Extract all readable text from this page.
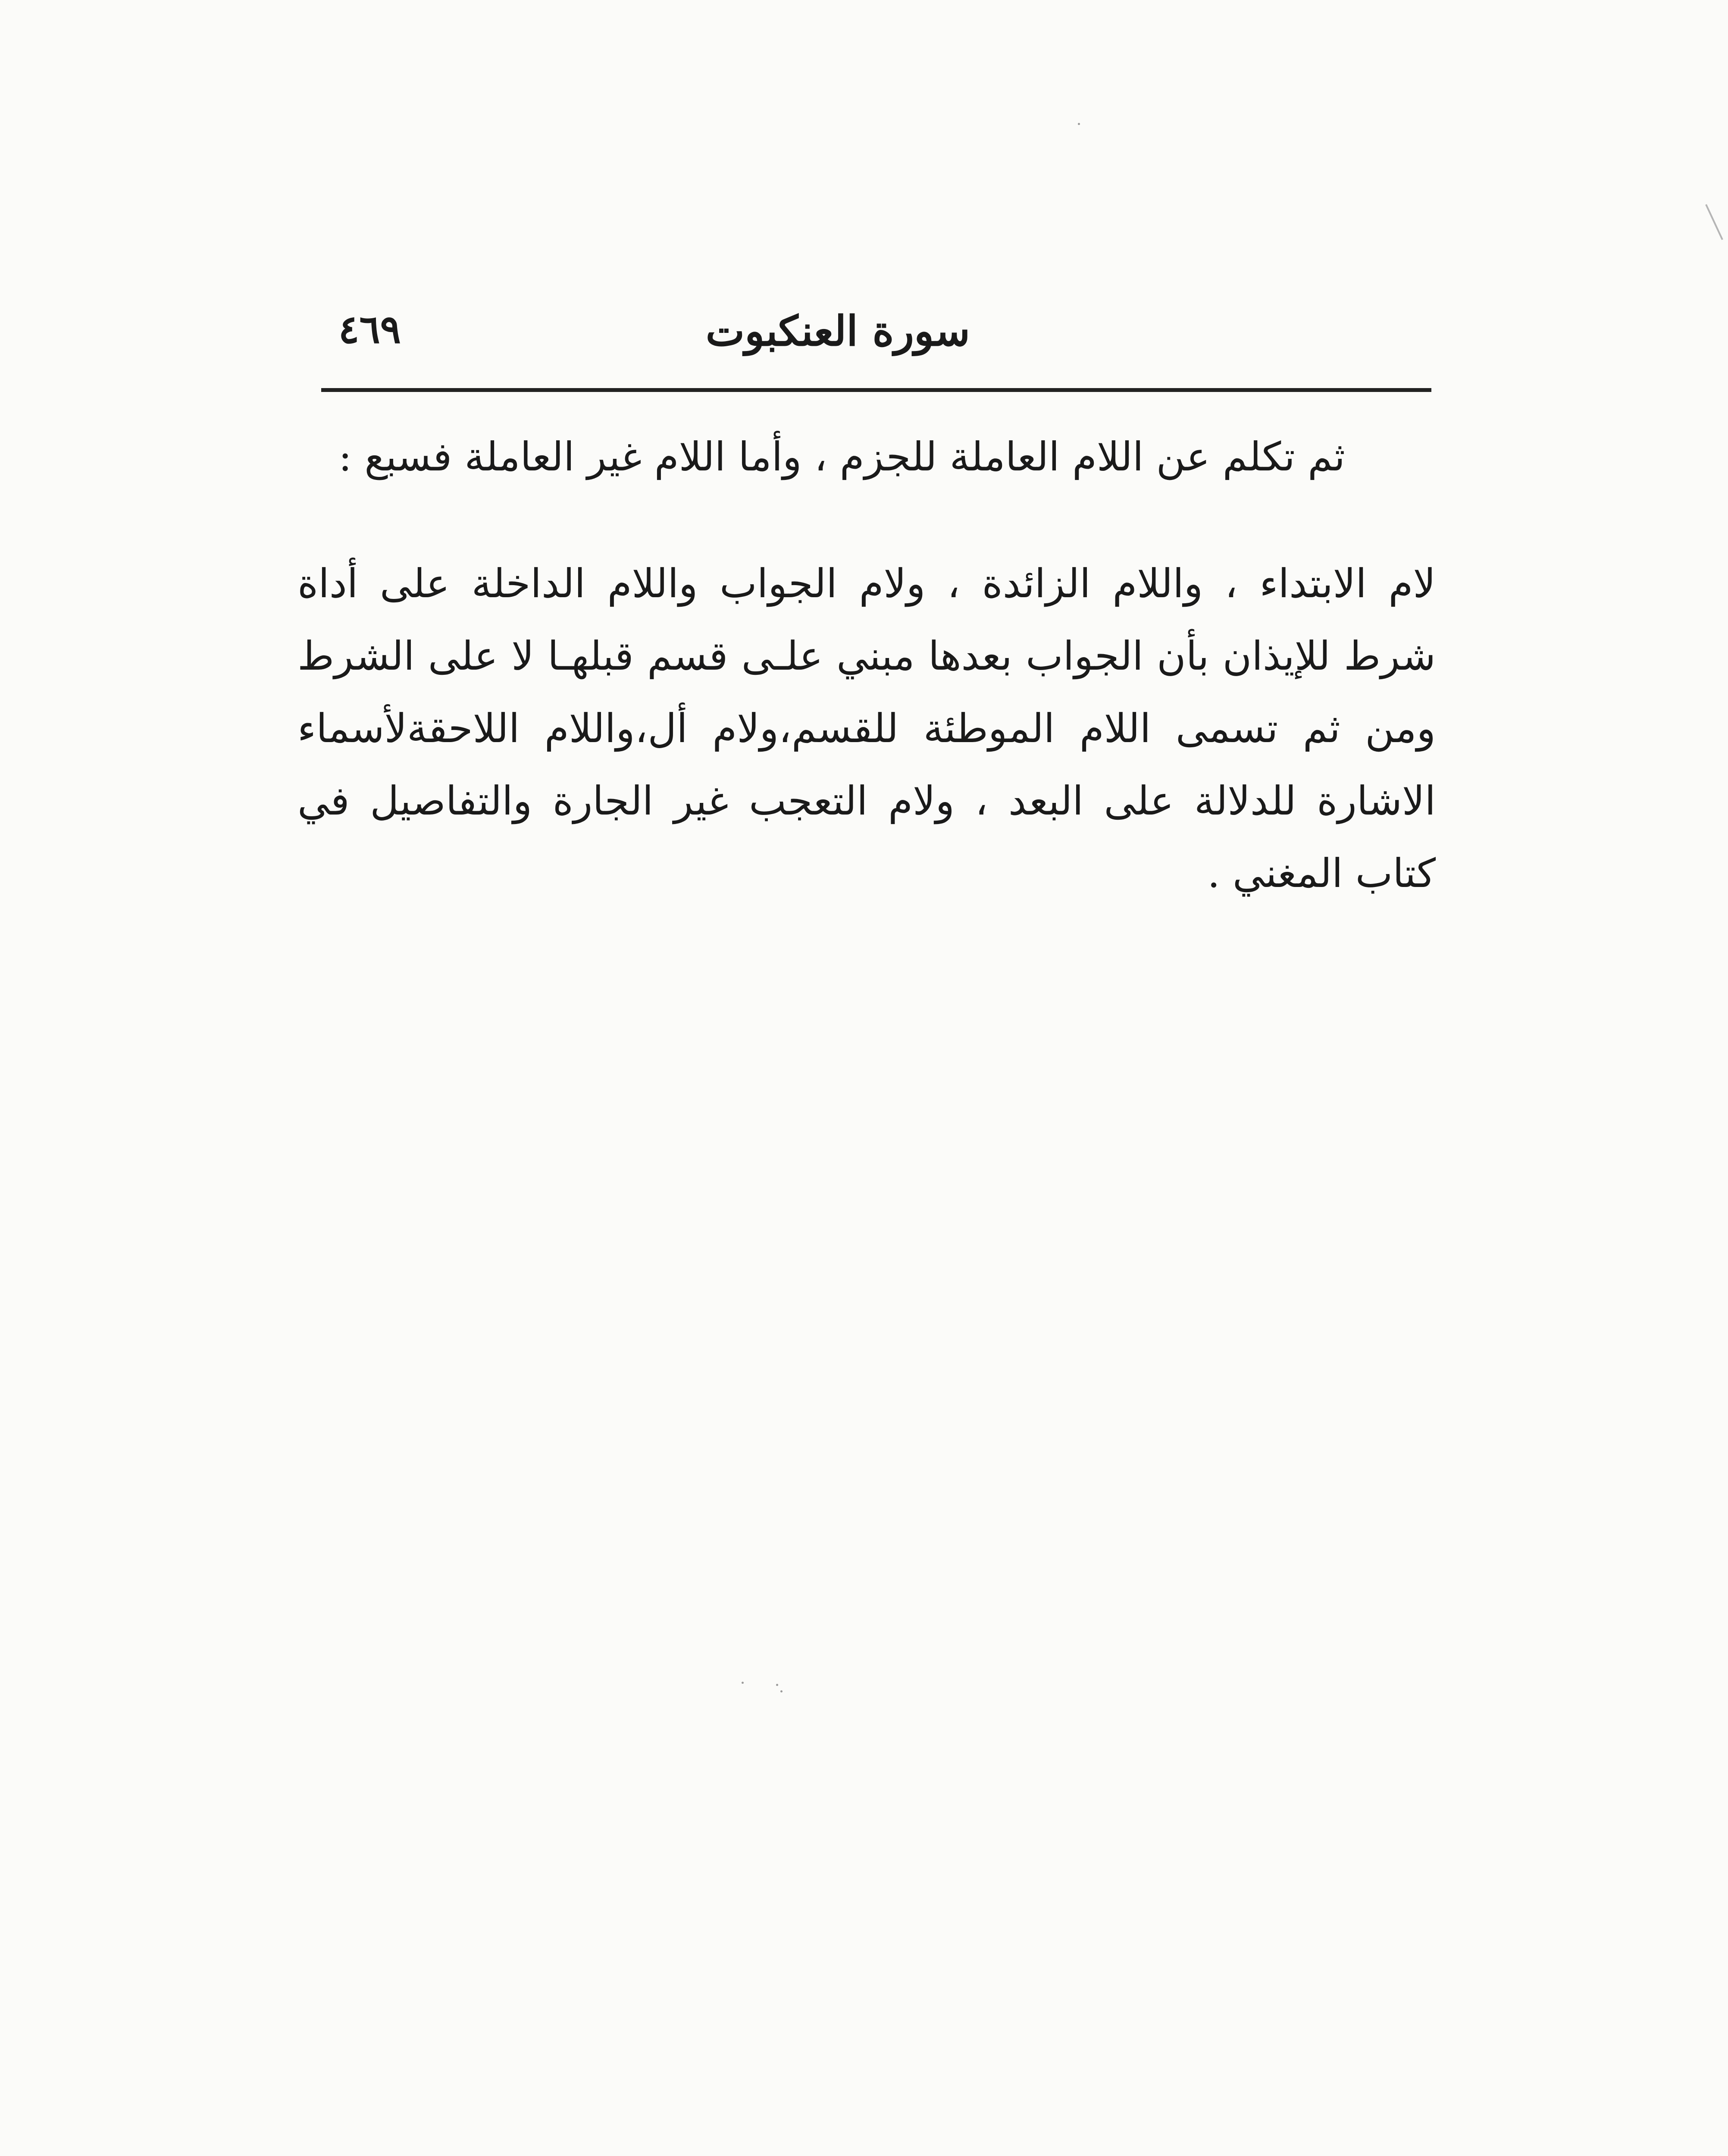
سورة العنكبوت
٤٦٩
ثم تكلم عن اللام العاملة للجزم ، وأما اللام غير العاملة فسبع :

لام الابتداء ، واللام الزائدة ، ولام الجواب واللام الداخلة على أداة شرط للإيذان بأن الجواب بعدها مبني علـى قسم قبلهـا لا على الشرط ومن ثم تسمى اللام الموطئة للقسم،ولام أل،واللام اللاحقةلأسماء الاشارة للدلالة على البعد ، ولام التعجب غير الجارة والتفاصيل في كتاب المغني .
